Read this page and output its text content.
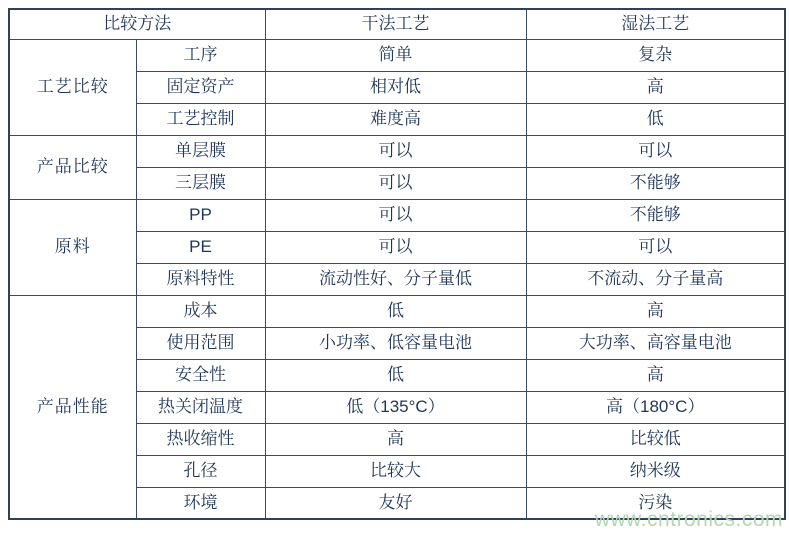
比较方法		干法工艺	湿法工艺
工艺比较	工序	简单	复杂
	固定资产	相对低	高
	工艺控制	难度高	低
产品比较	单层膜	可以	可以
	三层膜	可以	不能够
原料	PP	可以	不能够
	PE	可以	可以
	原料特性	流动性好、分子量低	不流动、分子量高
产品性能	成本	低	高
	使用范围	小功率、低容量电池	大功率、高容量电池
	安全性	低	高
	热关闭温度	低（135°C）	高（180°C）
	热收缩性	高	比较低
	孔径	比较大	纳米级
	环境	友好	污染
www.cntronics.com
